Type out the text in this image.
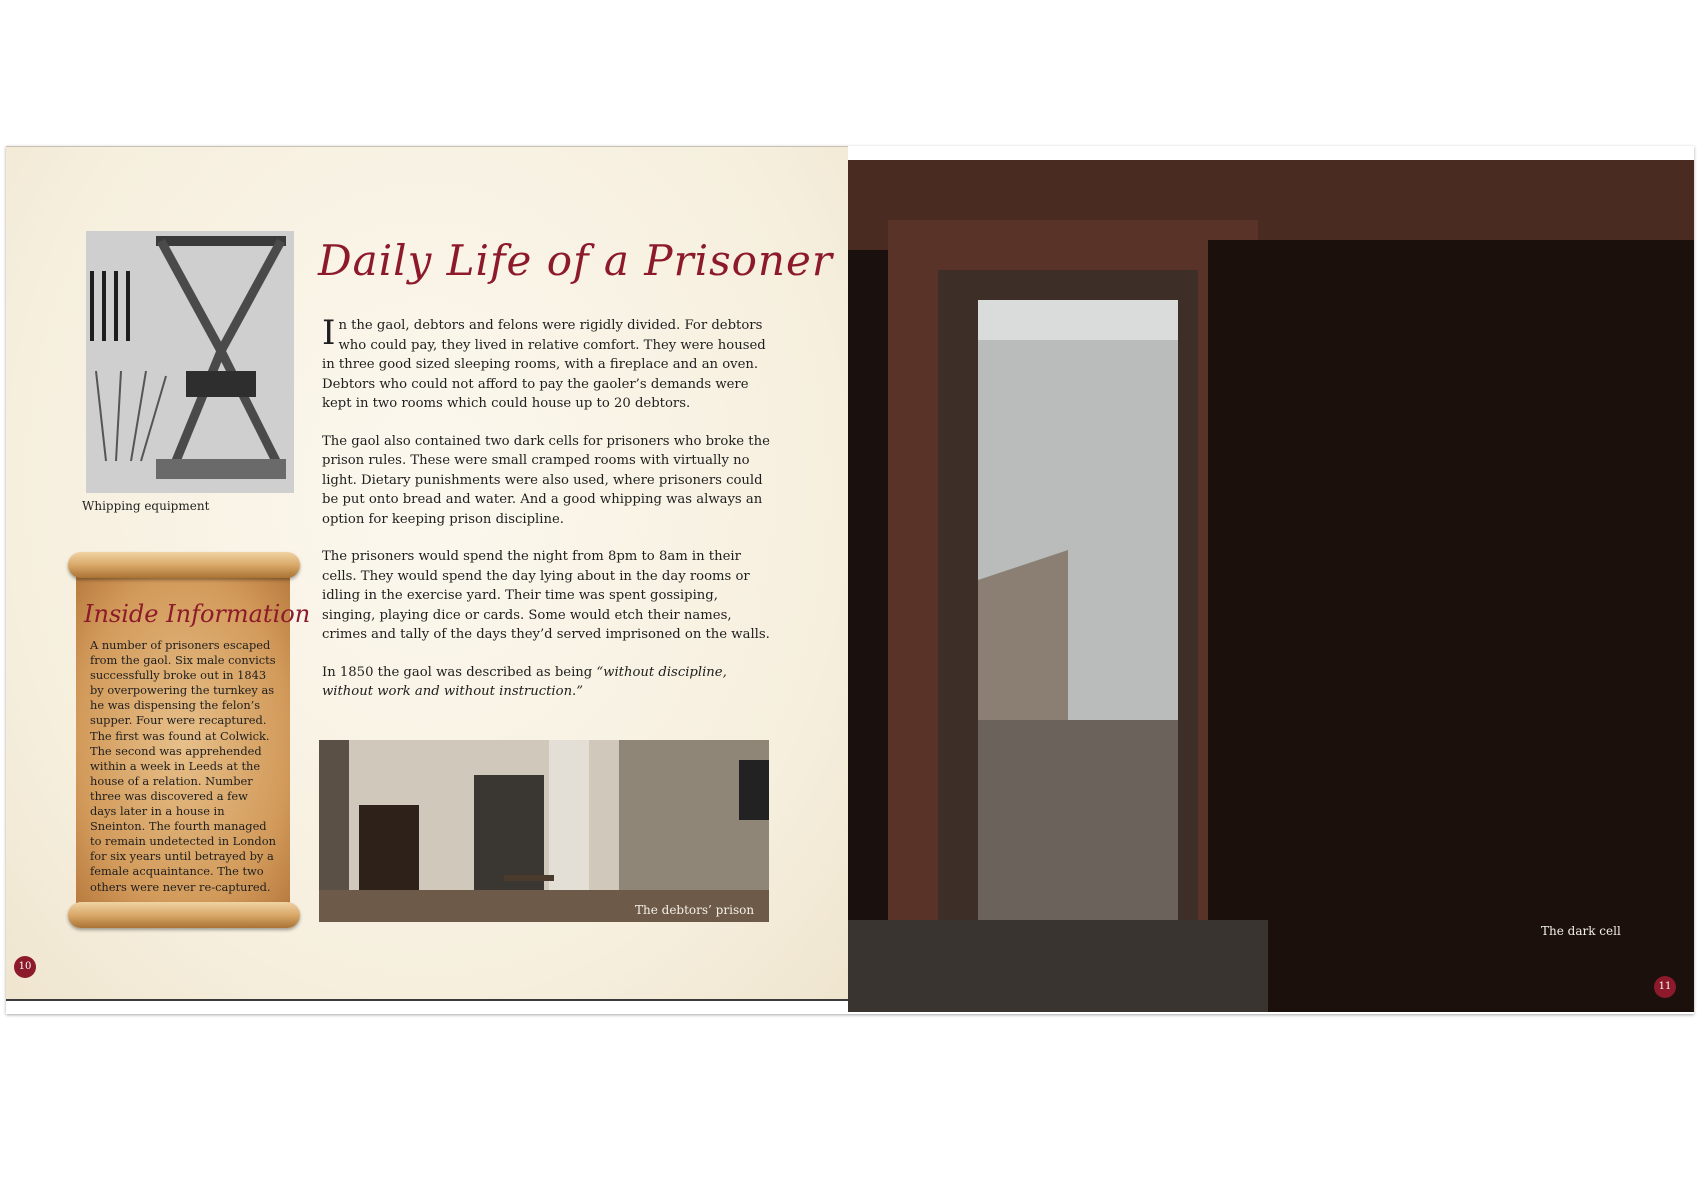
Whipping equipment
Daily Life of a Prisoner

In the gaol, debtors and felons were rigidly divided. For debtors who could pay, they lived in relative comfort. They were housed in three good sized sleeping rooms, with a fireplace and an oven. Debtors who could not afford to pay the gaoler’s demands were kept in two rooms which could house up to 20 debtors.

The gaol also contained two dark cells for prisoners who broke the prison rules. These were small cramped rooms with virtually no light. Dietary punishments were also used, where prisoners could be put onto bread and water. And a good whipping was always an option for keeping prison discipline.

The prisoners would spend the night from 8pm to 8am in their cells. They would spend the day lying about in the day rooms or idling in the exercise yard. Their time was spent gossiping, singing, playing dice or cards. Some would etch their names, crimes and tally of the days they’d served imprisoned on the walls.

In 1850 the gaol was described as being “without discipline, without work and without instruction.”

Inside Information
A number of prisoners escaped from the gaol. Six male convicts successfully broke out in 1843 by overpowering the turnkey as he was dispensing the felon’s supper. Four were recaptured. The first was found at Colwick. The second was apprehended within a week in Leeds at the house of a relation. Number three was discovered a few days later in a house in Sneinton. The fourth managed to remain undetected in London for six years until betrayed by a female acquaintance. The two others were never re-captured.
The debtors’ prison
10
The dark cell
11
